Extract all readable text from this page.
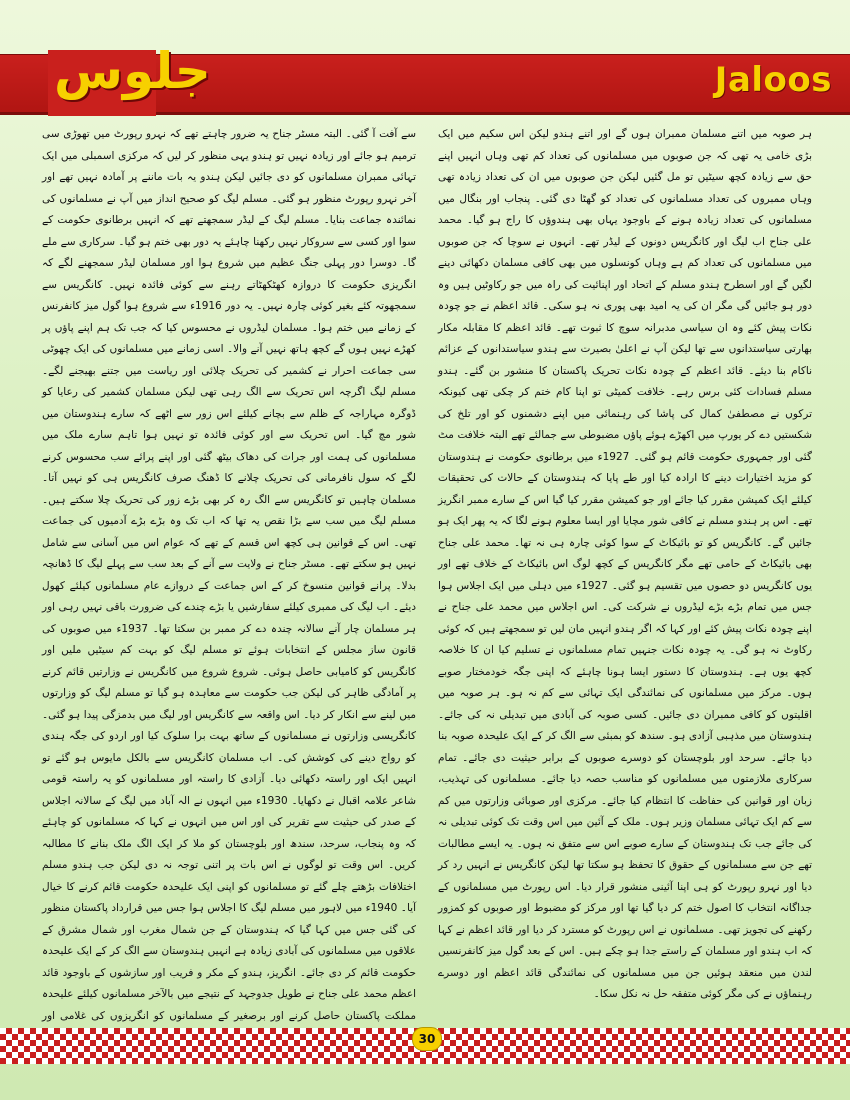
جلوس	Jaloos
ہر صوبہ میں اتنے مسلمان ممبران ہوں گے اور اتنے ہندو لیکن اس سکیم میں ایک بڑی خامی یہ تھی کہ جن صوبوں میں مسلمانوں کی تعداد کم تھی وہاں انہیں اپنے حق سے زیادہ کچھ سیٹیں تو مل گئیں لیکن جن صوبوں میں ان کی تعداد زیادہ تھی وہاں ممبروں کی تعداد مسلمانوں کی تعداد کو گھٹا دی گئی۔ پنجاب اور بنگال میں مسلمانوں کی تعداد زیادہ ہونے کے باوجود یہاں بھی ہندوؤں کا راج ہو گیا۔ محمد علی جناح اب لیگ اور کانگریس دونوں کے لیڈر تھے۔ انہوں نے سوچا کہ جن صوبوں میں مسلمانوں کی تعداد کم ہے وہاں کونسلوں میں بھی کافی مسلمان دکھائی دینے لگیں گے اور اسطرح ہندو مسلم کے اتحاد اور اپنائیت کی راہ میں جو رکاوٹیں ہیں وہ دور ہو جائیں گی مگر ان کی یہ امید بھی پوری نہ ہو سکی۔ قائد اعظم نے جو چودہ نکات پیش کئے وہ ان سیاسی مدبرانہ سوچ کا ثبوت تھے۔ قائد اعظم کا مقابلہ مکار بھارتی سیاستدانوں سے تھا لیکن آپ نے اعلیٰ بصیرت سے ہندو سیاستدانوں کے عزائم ناکام بنا دیئے۔ قائد اعظم کے چودہ نکات تحریک پاکستان کا منشور بن گئے۔ ہندو مسلم فسادات کئی برس رہے۔ خلافت کمیٹی تو اپنا کام ختم کر چکی تھی کیونکہ ترکوں نے مصطفیٰ کمال کی پاشا کی رہنمائی میں اپنے دشمنوں کو اور تلخ کی شکستیں دے کر یورپ میں اکھڑے ہوئے پاؤں مضبوطی سے جمالئے تھے البتہ خلافت مٹ گئی اور جمہوری حکومت قائم ہو گئی۔ 1927ء میں برطانوی حکومت نے ہندوستان کو مزید اختیارات دینے کا ارادہ کیا اور طے پایا کہ ہندوستان کے حالات کی تحقیقات کیلئے ایک کمیشن مقرر کیا جائے اور جو کمیشن مقرر کیا گیا اس کے سارے ممبر انگریز تھے۔ اس پر ہندو مسلم نے کافی شور مچایا اور ایسا معلوم ہونے لگا کہ یہ پھر ایک ہو جائیں گے۔ کانگریس کو تو بائیکاٹ کے سوا کوئی چارہ ہی نہ تھا۔ محمد علی جناح بھی بائیکاٹ کے حامی تھے مگر کانگریس کے کچھ لوگ اس بائیکاٹ کے خلاف تھے اور یوں کانگریس دو حصوں میں تقسیم ہو گئی۔ 1927ء میں دہلی میں ایک اجلاس ہوا جس میں تمام بڑے بڑے لیڈروں نے شرکت کی۔ اس اجلاس میں محمد علی جناح نے اپنے چودہ نکات پیش کئے اور کہا کہ اگر ہندو انہیں مان لیں تو سمجھتے ہیں کہ کوئی رکاوٹ نہ ہو گی۔ یہ چودہ نکات جنہیں تمام مسلمانوں نے تسلیم کیا ان کا خلاصہ کچھ یوں ہے۔ ہندوستان کا دستور ایسا ہونا چاہئے کہ اپنی جگہ خودمختار صوبے ہوں۔ مرکز میں مسلمانوں کی نمائندگی ایک تہائی سے کم نہ ہو۔ ہر صوبہ میں اقلیتوں کو کافی ممبران دی جائیں۔ کسی صوبہ کی آبادی میں تبدیلی نہ کی جائے۔ ہندوستان میں مذہبی آزادی ہو۔ سندھ کو بمبئی سے الگ کر کے ایک علیحدہ صوبہ بنا دیا جائے۔ سرحد اور بلوچستان کو دوسرے صوبوں کے برابر حیثیت دی جائے۔ تمام سرکاری ملازمتوں میں مسلمانوں کو مناسب حصہ دیا جائے۔ مسلمانوں کی تہذیب، زبان اور قوانین کی حفاظت کا انتظام کیا جائے۔ مرکزی اور صوبائی وزارتوں میں کم سے کم ایک تہائی مسلمان وزیر ہوں۔ ملک کے آئین میں اس وقت تک کوئی تبدیلی نہ کی جائے جب تک ہندوستان کے سارے صوبے اس سے متفق نہ ہوں۔ یہ ایسے مطالبات تھے جن سے مسلمانوں کے حقوق کا تحفظ ہو سکتا تھا لیکن کانگریس نے انہیں رد کر دیا اور نہرو رپورٹ کو ہی اپنا آئینی منشور قرار دیا۔ اس رپورٹ میں مسلمانوں کے جداگانہ انتخاب کا اصول ختم کر دیا گیا تھا اور مرکز کو مضبوط اور صوبوں کو کمزور رکھنے کی تجویز تھی۔ مسلمانوں نے اس رپورٹ کو مسترد کر دیا اور قائد اعظم نے کہا کہ اب ہندو اور مسلمان کے راستے جدا ہو چکے ہیں۔ اس کے بعد گول میز کانفرنسیں لندن میں منعقد ہوئیں جن میں مسلمانوں کی نمائندگی قائد اعظم اور دوسرے رہنماؤں نے کی مگر کوئی متفقہ حل نہ نکل سکا۔
سے آفت آ گئی۔ البتہ مسٹر جناح یہ ضرور چاہتے تھے کہ نہرو رپورٹ میں تھوڑی سی ترمیم ہو جائے اور زیادہ نہیں تو ہندو یہی منظور کر لیں کہ مرکزی اسمبلی میں ایک تہائی ممبران مسلمانوں کو دی جائیں لیکن ہندو یہ بات ماننے پر آمادہ نہیں تھے اور آخر نہرو رپورٹ منظور ہو گئی۔ مسلم لیگ کو صحیح انداز میں آپ نے مسلمانوں کی نمائندہ جماعت بنایا۔ مسلم لیگ کے لیڈر سمجھتے تھے کہ انہیں برطانوی حکومت کے سوا اور کسی سے سروکار نہیں رکھنا چاہئے یہ دور بھی ختم ہو گیا۔ سرکاری سے ملے گا۔ دوسرا دور پہلی جنگ عظیم میں شروع ہوا اور مسلمان لیڈر سمجھنے لگے کہ انگریزی حکومت کا دروازہ کھٹکھٹاتے رہنے سے کوئی فائدہ نہیں۔ کانگریس سے سمجھوتہ کئے بغیر کوئی چارہ نہیں۔ یہ دور 1916ء سے شروع ہوا گول میز کانفرنس کے زمانے میں ختم ہوا۔ مسلمان لیڈروں نے محسوس کیا کہ جب تک ہم اپنے پاؤں پر کھڑے نہیں ہوں گے کچھ ہاتھ نہیں آنے والا۔ اسی زمانے میں مسلمانوں کی ایک چھوٹی سی جماعت احرار نے کشمیر کی تحریک چلائی اور ریاست میں جتنے بھیجنے لگے۔ مسلم لیگ اگرچہ اس تحریک سے الگ رہی تھی لیکن مسلمان کشمیر کی رعایا کو ڈوگرہ مہاراجہ کے ظلم سے بچانے کیلئے اس زور سے اٹھے کہ سارے ہندوستان میں شور مچ گیا۔ اس تحریک سے اور کوئی فائدہ تو نہیں ہوا تاہم سارے ملک میں مسلمانوں کی ہمت اور جرات کی دھاک بیٹھ گئی اور اپنے پرائے سب محسوس کرنے لگے کہ سول نافرمانی کی تحریک چلانے کا ڈھنگ صرف کانگریس ہی کو نہیں آتا۔ مسلمان چاہیں تو کانگریس سے الگ رہ کر بھی بڑے زور کی تحریک چلا سکتے ہیں۔ مسلم لیگ میں سب سے بڑا نقص یہ تھا کہ اب تک وہ بڑے بڑے آدمیوں کی جماعت تھی۔ اس کے قوانین ہی کچھ اس قسم کے تھے کہ عوام اس میں آسانی سے شامل نہیں ہو سکتے تھے۔ مسٹر جناح نے ولایت سے آنے کے بعد سب سے پہلے لیگ کا ڈھانچہ بدلا۔ پرانے قوانین منسوخ کر کے اس جماعت کے دروازے عام مسلمانوں کیلئے کھول دیئے۔ اب لیگ کی ممبری کیلئے سفارشیں یا بڑے چندے کی ضرورت باقی نہیں رہی اور ہر مسلمان چار آنے سالانہ چندہ دے کر ممبر بن سکتا تھا۔ 1937ء میں صوبوں کی قانون ساز مجلس کے انتخابات ہوئے تو مسلم لیگ کو بہت کم سیٹیں ملیں اور کانگریس کو کامیابی حاصل ہوئی۔ شروع شروع میں کانگریس نے وزارتیں قائم کرنے پر آمادگی ظاہر کی لیکن جب حکومت سے معاہدہ ہو گیا تو مسلم لیگ کو وزارتوں میں لینے سے انکار کر دیا۔ اس واقعہ سے کانگریس اور لیگ میں بدمزگی پیدا ہو گئی۔ کانگریسی وزارتوں نے مسلمانوں کے ساتھ بہت برا سلوک کیا اور اردو کی جگہ ہندی کو رواج دینے کی کوشش کی۔ اب مسلمان کانگریس سے بالکل مایوس ہو گئے تو انہیں ایک اور راستہ دکھائی دیا۔ آزادی کا راستہ اور مسلمانوں کو یہ راستہ قومی شاعر علامہ اقبال نے دکھایا۔ 1930ء میں انہوں نے الہ آباد میں لیگ کے سالانہ اجلاس کے صدر کی حیثیت سے تقریر کی اور اس میں انہوں نے کہا کہ مسلمانوں کو چاہئے کہ وہ پنجاب، سرحد، سندھ اور بلوچستان کو ملا کر ایک الگ ملک بنانے کا مطالبہ کریں۔ اس وقت تو لوگوں نے اس بات پر اتنی توجہ نہ دی لیکن جب ہندو مسلم اختلافات بڑھتے چلے گئے تو مسلمانوں کو اپنی ایک علیحدہ حکومت قائم کرنے کا خیال آیا۔ 1940ء میں لاہور میں مسلم لیگ کا اجلاس ہوا جس میں قرارداد پاکستان منظور کی گئی جس میں کہا گیا کہ ہندوستان کے جن شمال مغرب اور شمال مشرق کے علاقوں میں مسلمانوں کی آبادی زیادہ ہے انہیں ہندوستان سے الگ کر کے ایک علیحدہ حکومت قائم کر دی جائے۔ انگریز، ہندو کے مکر و فریب اور سازشوں کے باوجود قائد اعظم محمد علی جناح نے طویل جدوجہد کے نتیجے میں بالآخر مسلمانوں کیلئے علیحدہ مملکت پاکستان حاصل کرنے اور برصغیر کے مسلمانوں کو انگریزوں کی غلامی اور
30
